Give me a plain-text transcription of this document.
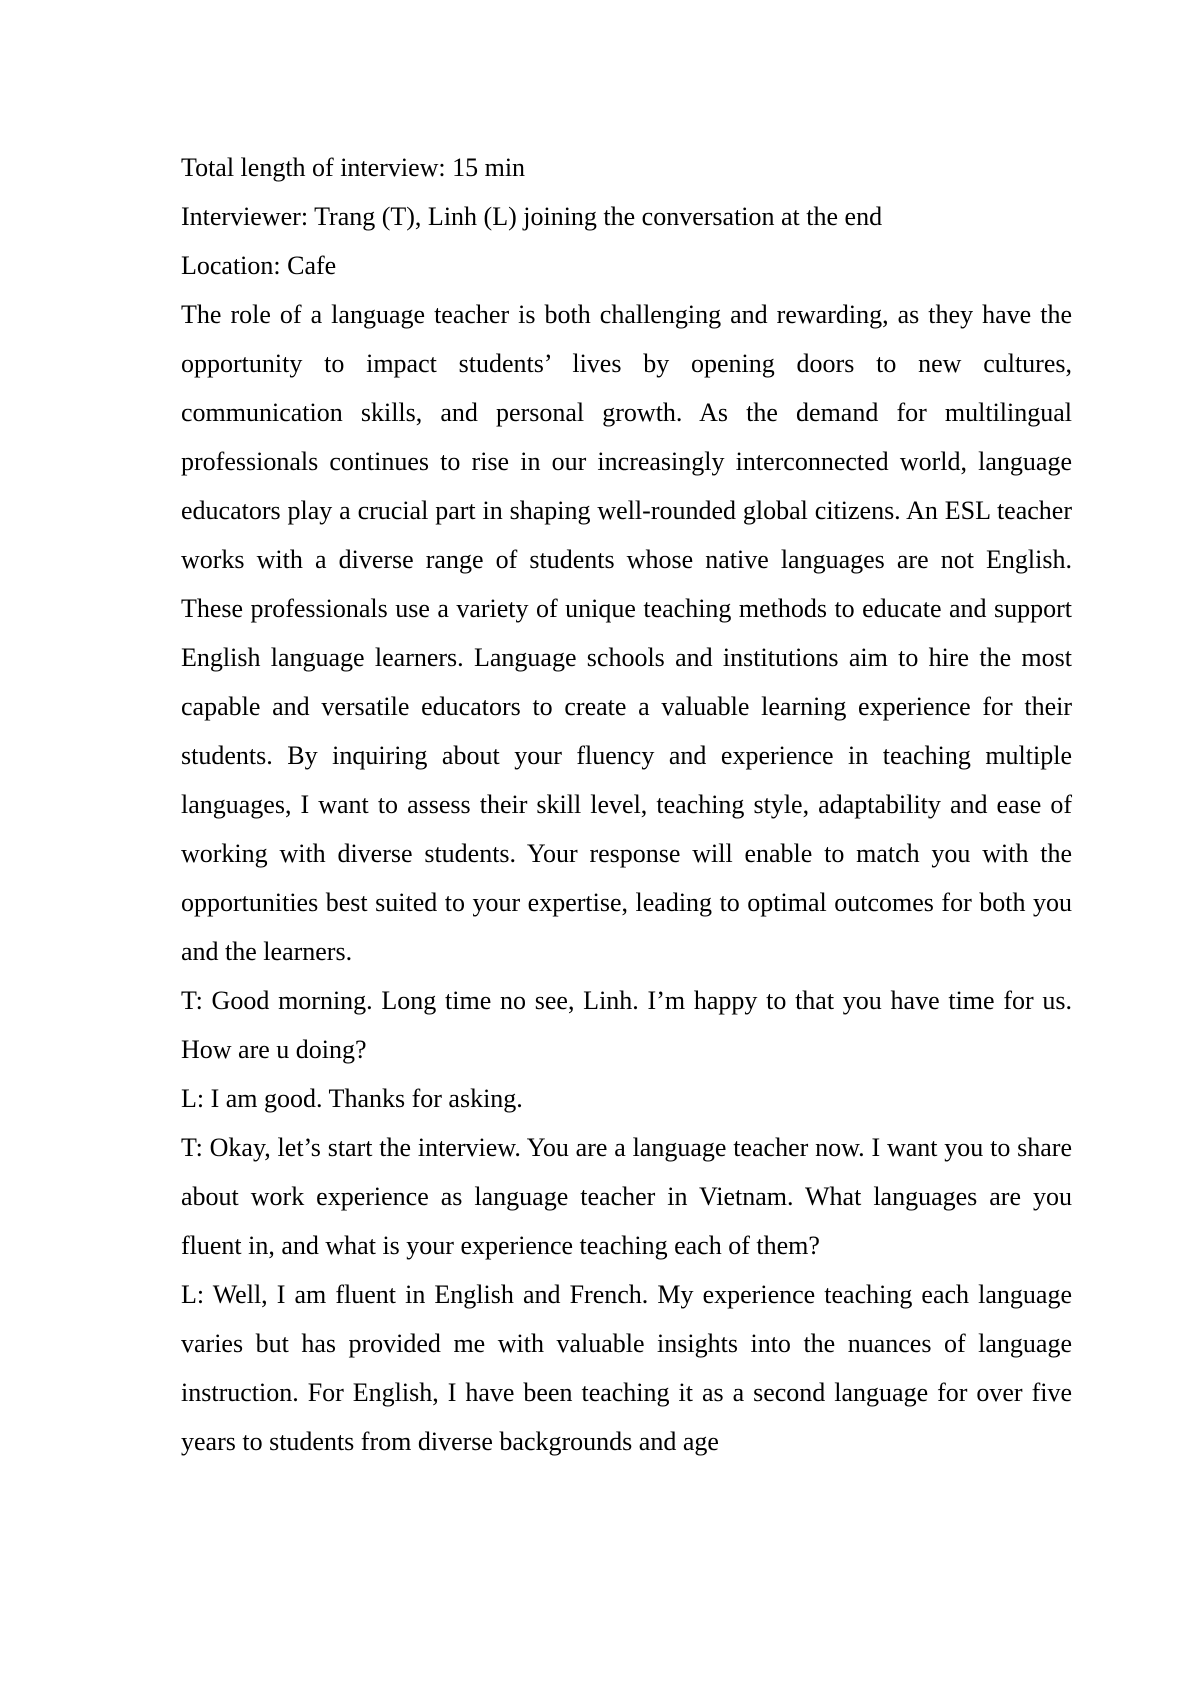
Total length of interview: 15 min

Interviewer: Trang (T), Linh (L) joining the conversation at the end

Location: Cafe

The role of a language teacher is both challenging and rewarding, as they have the opportunity to impact students’ lives by opening doors to new cultures, communication skills, and personal growth. As the demand for multilingual professionals continues to rise in our increasingly interconnected world, language educators play a crucial part in shaping well-rounded global citizens. An ESL teacher works with a diverse range of students whose native languages are not English. These professionals use a variety of unique teaching methods to educate and support English language learners. Language schools and institutions aim to hire the most capable and versatile educators to create a valuable learning experience for their students. By inquiring about your fluency and experience in teaching multiple languages, I want to assess their skill level, teaching style, adaptability and ease of working with diverse students. Your response will enable to match you with the opportunities best suited to your expertise, leading to optimal outcomes for both you and the learners.

T: Good morning. Long time no see, Linh. I’m happy to that you have time for us. How are u doing?

L: I am good. Thanks for asking.

T: Okay, let’s start the interview. You are a language teacher now. I want you to share about work experience as language teacher in Vietnam. What languages are you fluent in, and what is your experience teaching each of them?

L: Well, I am fluent in English and French. My experience teaching each language varies but has provided me with valuable insights into the nuances of language instruction. For English, I have been teaching it as a second language for over five years to students from diverse backgrounds and age
